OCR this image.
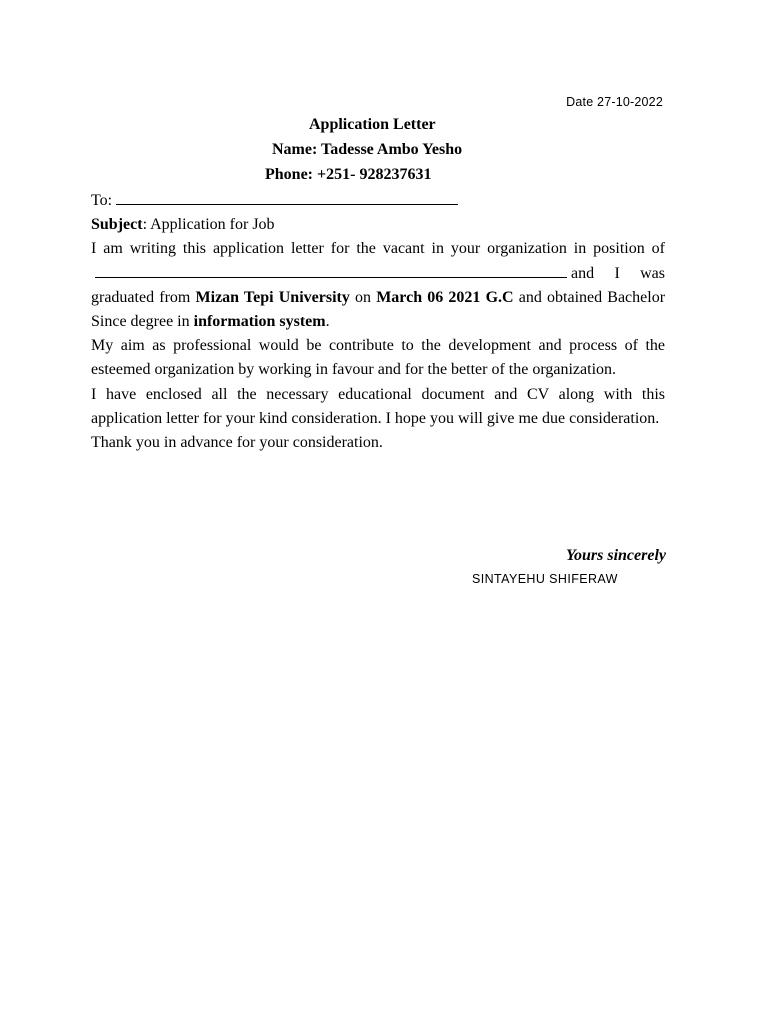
Date 27-10-2022
Application Letter
Name: Tadesse Ambo Yesho
Phone: +251- 928237631

To:

Subject: Application for Job

I am writing this application letter for the vacant in your organization in position ofand I was graduated from Mizan Tepi University on March 06 2021 G.C and obtained Bachelor Since degree in information system.

My aim as professional would be contribute to the development and process of the esteemed organization by working in favour and for the better of the organization.

I have enclosed all the necessary educational document and CV along with this application letter for your kind consideration. I hope you will give me due consideration.

Thank you in advance for your consideration.

Yours sincerely
SINTAYEHU SHIFERAW
